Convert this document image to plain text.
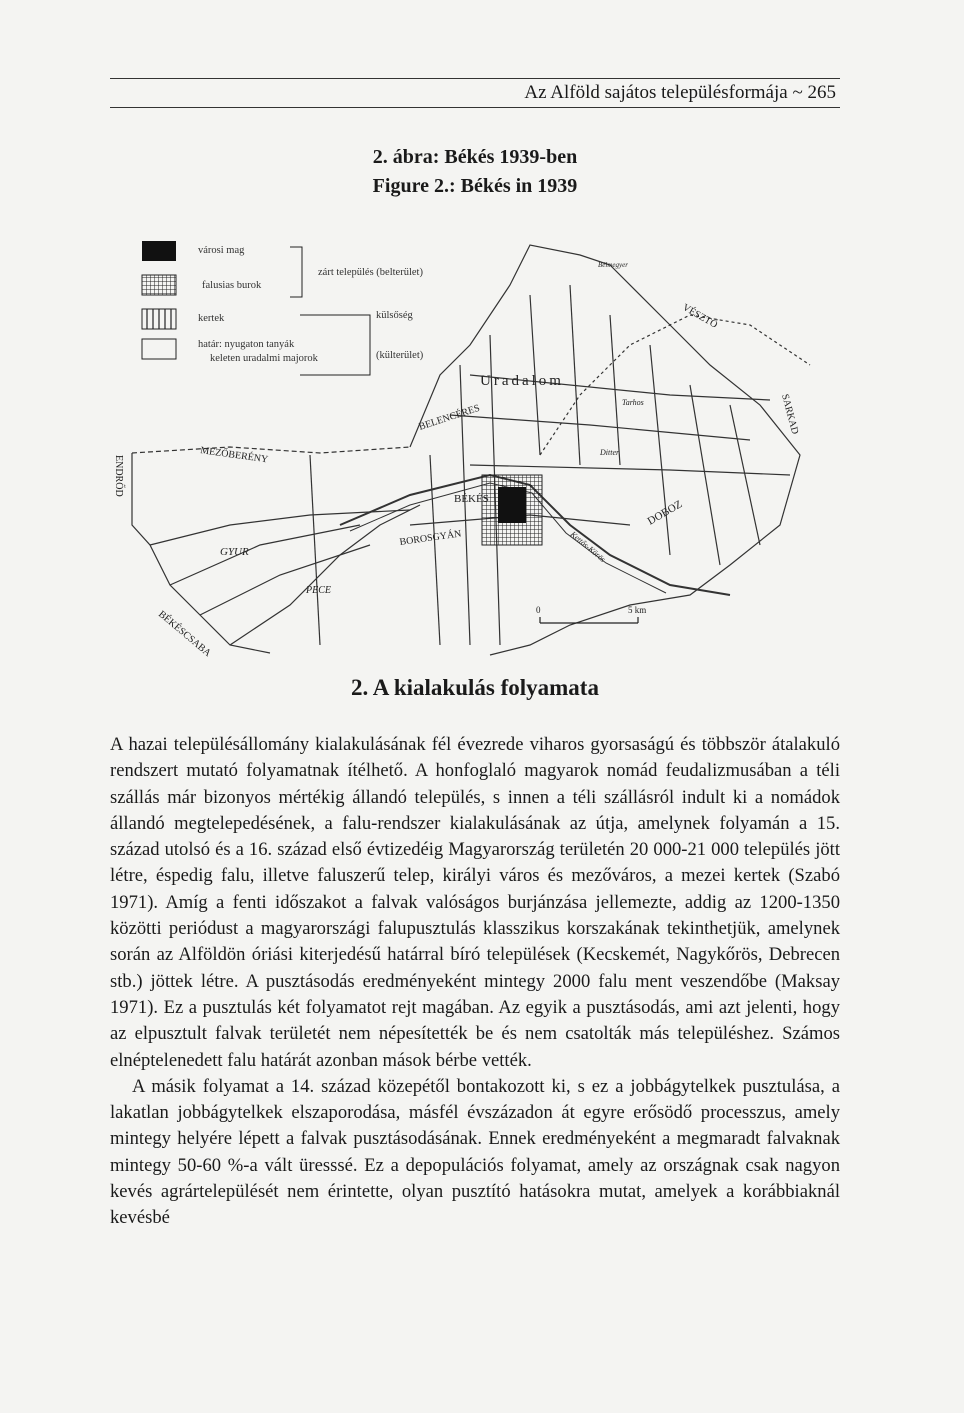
Az Alföld sajátos településformája ~ 265
2. ábra: Békés 1939-ben
Figure 2.: Békés in 1939
városi mag
falusias burok
kertek
határ: nyugaton tanyák
keleten uradalmi majorok
zárt település (belterület)
külsőség
(külterület)
0	5 km
MEZŐBERÉNY
ENDRŐD
GYUR
PECE
BÉKÉSCSABA
BELENCÉRES
BÉKÉS
BOROSGYÁN
Uradalom
VÉSZTŐ
SARKAD
DOBOZ
Tarhos
Ditter
Bélmegyer
Kettős-Körös
2. A kialakulás folyamata

A hazai településállomány kialakulásának fél évezrede viharos gyorsaságú és többször átalakuló rendszert mutató folyamatnak ítélhető. A honfoglaló magyarok nomád feudalizmusában a téli szállás már bizonyos mértékig állandó település, s innen a téli szállásról indult ki a nomádok állandó megtelepedésének, a falu-rendszer kialakulásának az útja, amelynek folyamán a 15. század utolsó és a 16. század első évtizedéig Magyarország területén 20 000-21 000 település jött létre, éspedig falu, illetve faluszerű telep, királyi város és mezőváros, a mezei kertek (Szabó 1971). Amíg a fenti időszakot a falvak valóságos burjánzása jellemezte, addig az 1200-1350 közötti periódust a magyarországi falupusztulás klasszikus korszakának tekinthetjük, amelynek során az Alföldön óriási kiterjedésű határral bíró települések (Kecskemét, Nagykőrös, Debrecen stb.) jöttek létre. A pusztásodás eredményeként mintegy 2000 falu ment veszendőbe (Maksay 1971). Ez a pusztulás két folyamatot rejt magában. Az egyik a pusztásodás, ami azt jelenti, hogy az elpusztult falvak területét nem népesítették be és nem csatolták más településhez. Számos elnéptelenedett falu határát azonban mások bérbe vették.

A másik folyamat a 14. század közepétől bontakozott ki, s ez a jobbágytelkek pusztulása, a lakatlan jobbágytelkek elszaporodása, másfél évszázadon át egyre erősödő processzus, amely mintegy helyére lépett a falvak pusztásodásának. Ennek eredményeként a megmaradt falvaknak mintegy 50-60 %-a vált üresssé. Ez a depopulációs folyamat, amely az országnak csak nagyon kevés agrártelepülését nem érintette, olyan pusztító hatásokra mutat, amelyek a korábbiaknál kevésbé
